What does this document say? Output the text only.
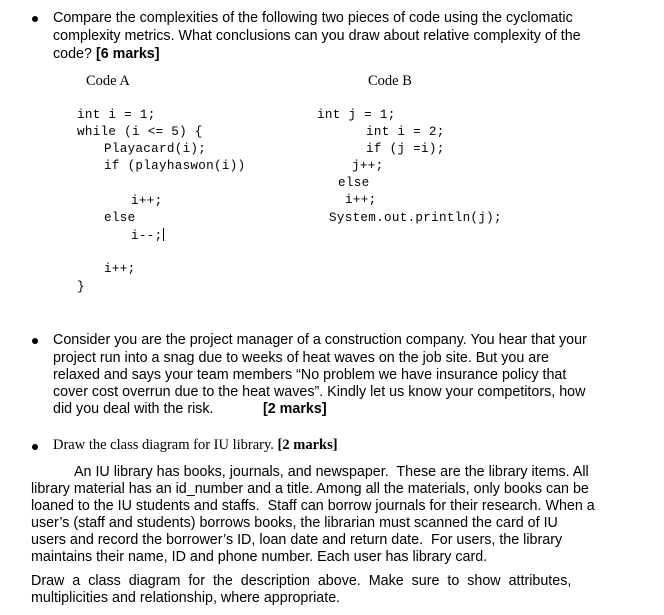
Compare the complexities of the following two pieces of code using the cyclomatic
complexity metrics. What conclusions can you draw about relative complexity of the
code? [6 marks]
Code A
int i = 1;
while (i <= 5) {
Playacard(i);
if (playhaswon(i))
i++;
else
i--;
i++;
}
Code B
int j = 1;
int i = 2;
if (j =i);
j++;
else
i++;
System.out.println(j);
Consider you are the project manager of a construction company. You hear that your
project run into a snag due to weeks of heat waves on the job site. But you are
relaxed and says your team members “No problem we have insurance policy that
cover cost overrun due to the heat waves”. Kindly let us know your competitors, how
did you deal with the risk.	[2 marks]
Draw the class diagram for IU library. [2 marks]
An IU library has books, journals, and newspaper.  These are the library items. All
library material has an id_number and a title. Among all the materials, only books can be
loaned to the IU students and staffs.  Staff can borrow journals for their research. When a
user’s (staff and students) borrows books, the librarian must scanned the card of IU
users and record the borrower’s ID, loan date and return date.  For users, the library
maintains their name, ID and phone number. Each user has library card.
Draw  a  class  diagram  for  the  description  above.  Make  sure  to  show  attributes,
multiplicities and relationship, where appropriate.
